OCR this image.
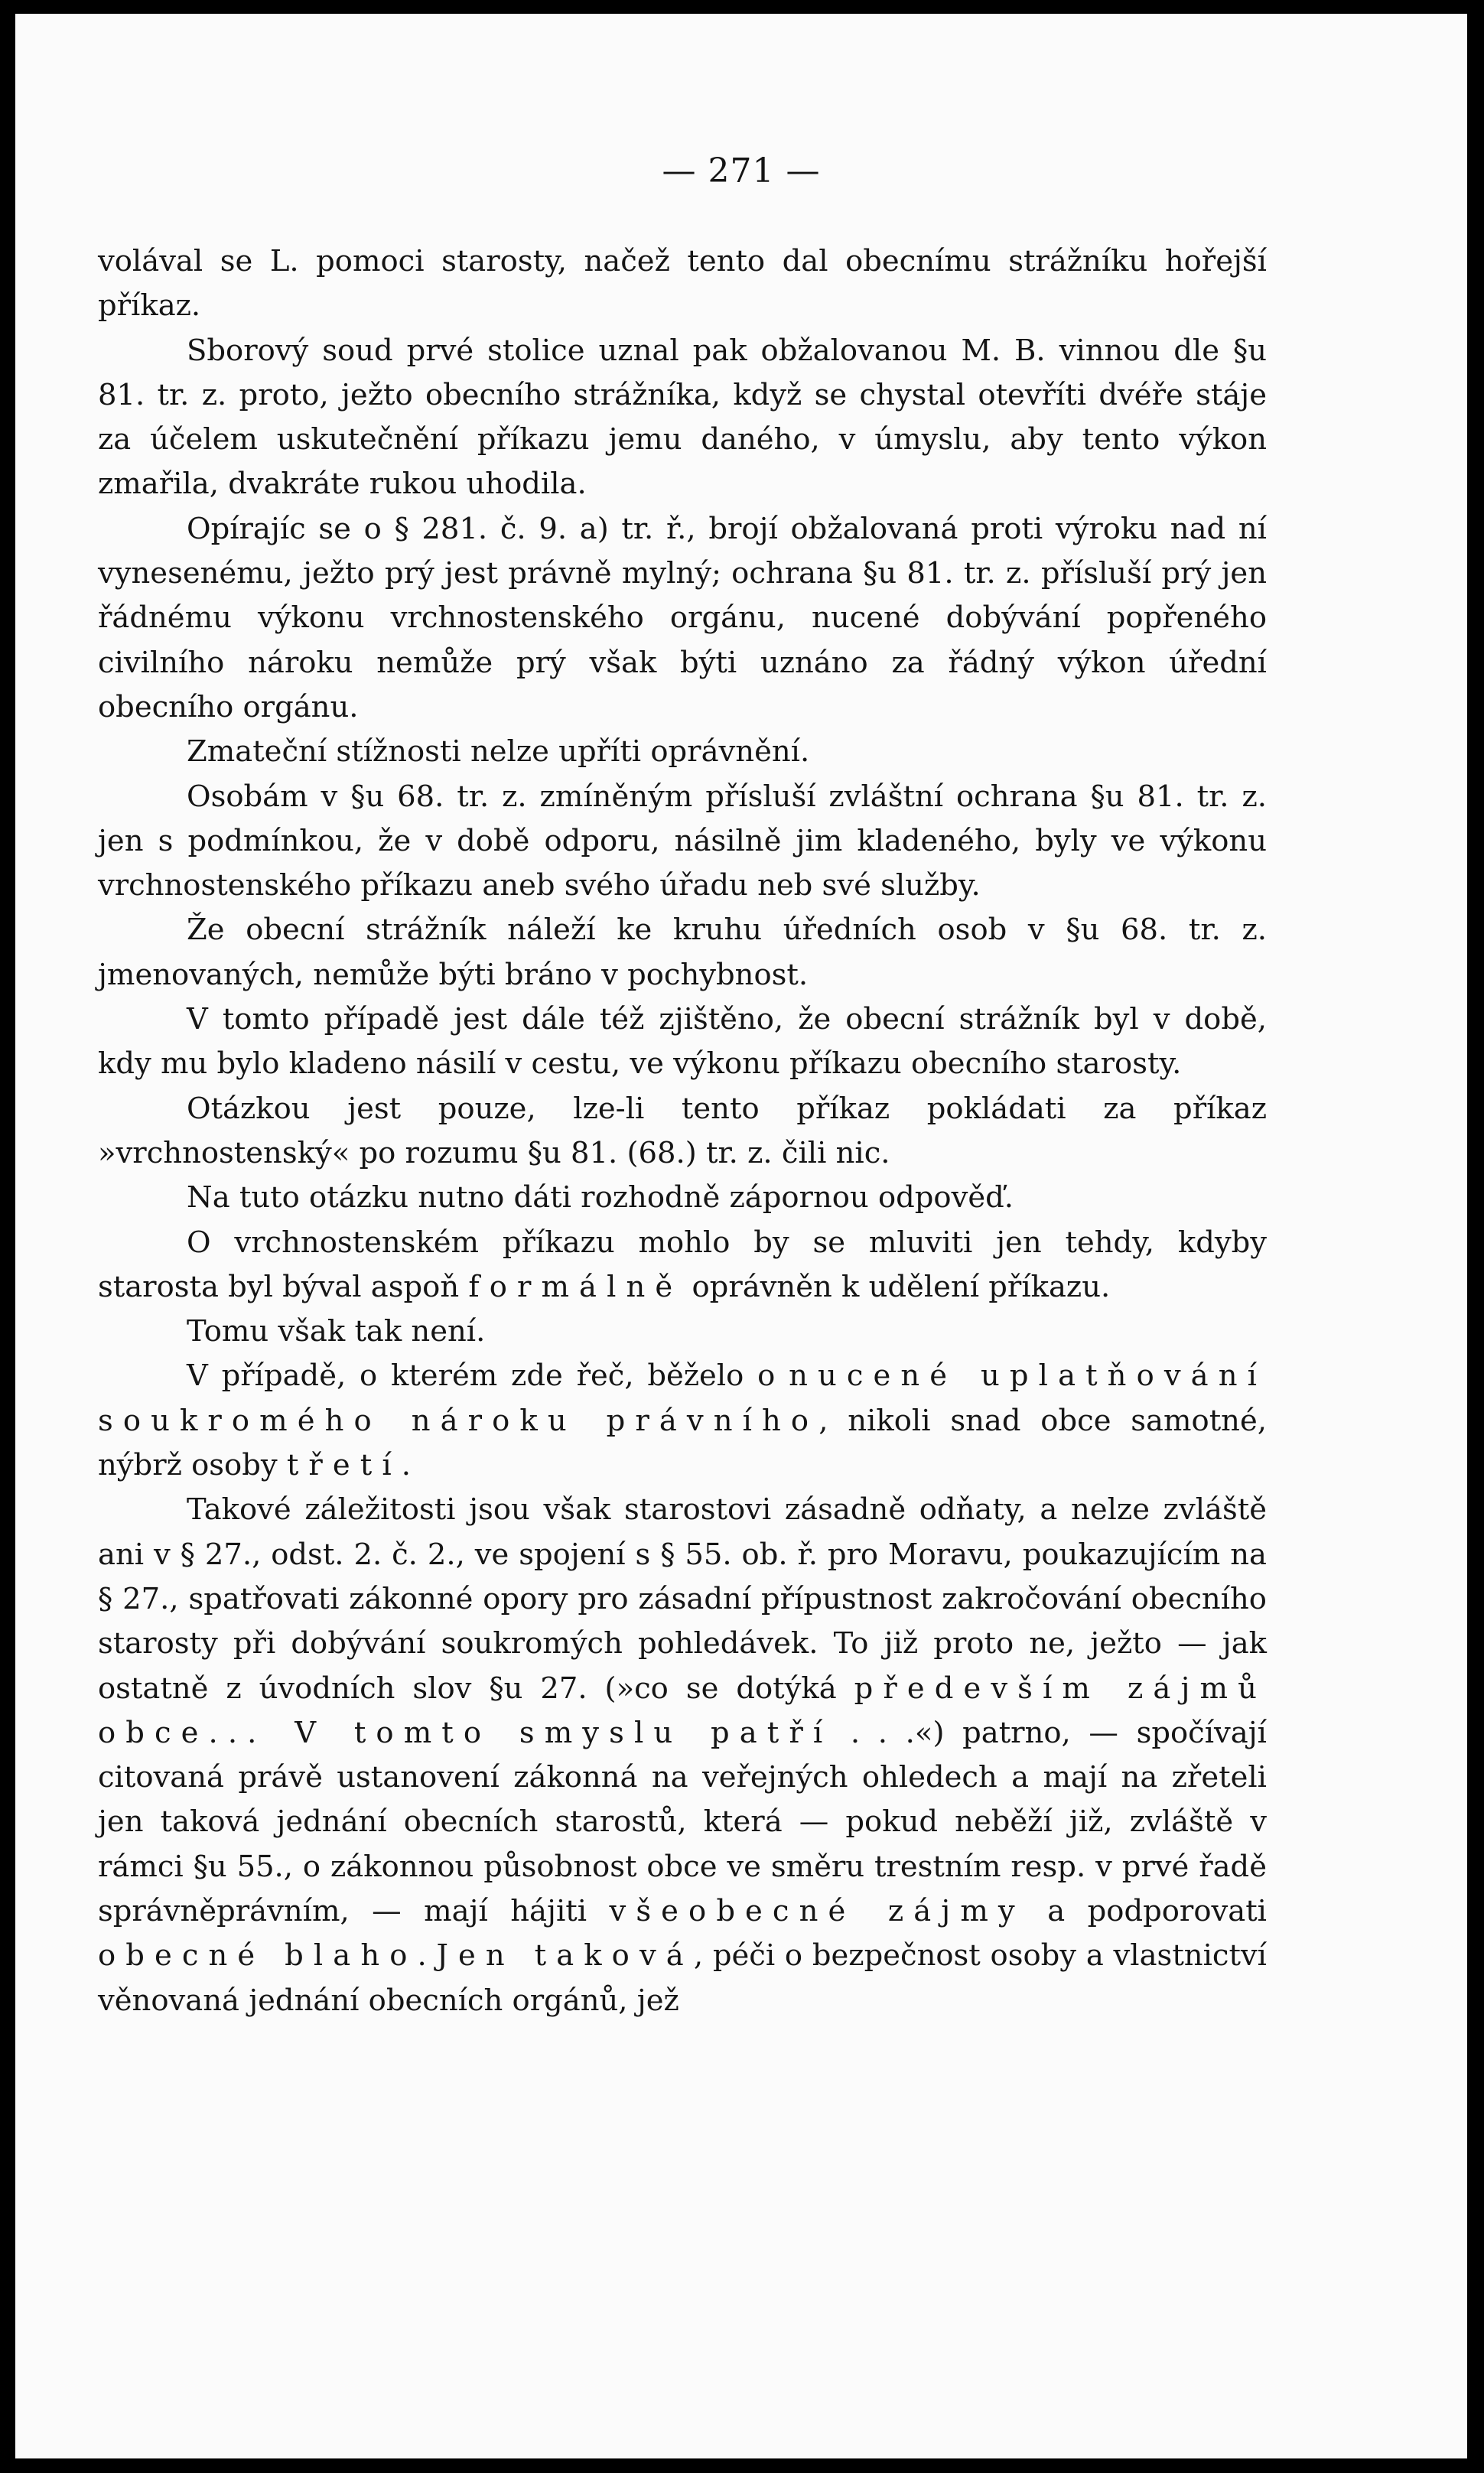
— 271 —

volával se L. pomoci starosty, načež tento dal obecnímu strážníku hořejší příkaz.

Sborový soud prvé stolice uznal pak obžalovanou M. B. vinnou dle §u 81. tr. z. proto, ježto obecního strážníka, když se chystal otevříti dvéře stáje za účelem uskutečnění příkazu jemu daného, v úmyslu, aby tento výkon zmařila, dvakráte rukou uhodila.

Opírajíc se o § 281. č. 9. a) tr. ř., brojí obžalovaná proti výroku nad ní vynesenému, ježto prý jest právně mylný; ochrana §u 81. tr. z. přísluší prý jen řádnému výkonu vrchnostenského orgánu, nucené dobývání popřeného civilního nároku nemůže prý však býti uznáno za řádný výkon úřední obecního orgánu.

Zmateční stížnosti nelze upříti oprávnění.

Osobám v §u 68. tr. z. zmíněným přísluší zvláštní ochrana §u 81. tr. z. jen s podmínkou, že v době odporu, násilně jim kladeného, byly ve výkonu vrchnostenského příkazu aneb svého úřadu neb své služby.

Že obecní strážník náleží ke kruhu úředních osob v §u 68. tr. z. jmenovaných, nemůže býti bráno v pochybnost.

V tomto případě jest dále též zjištěno, že obecní strážník byl v době, kdy mu bylo kladeno násilí v cestu, ve výkonu příkazu obecního starosty.

Otázkou jest pouze, lze-li tento příkaz pokládati za příkaz »vrchnostenský« po rozumu §u 81. (68.) tr. z. čili nic.

Na tuto otázku nutno dáti rozhodně zápornou odpověď.

O vrchnostenském příkazu mohlo by se mluviti jen tehdy, kdyby starosta byl býval aspoň formálně oprávněn k udělení příkazu.

Tomu však tak není.

V případě, o kterém zde řeč, běželo o nucené uplatňování soukromého nároku právního, nikoli snad obce samotné, nýbrž osoby třetí.

Takové záležitosti jsou však starostovi zásadně odňaty, a nelze zvláště ani v § 27., odst. 2. č. 2., ve spojení s § 55. ob. ř. pro Moravu, poukazujícím na § 27., spatřovati zákonné opory pro zásadní přípustnost zakročování obecního starosty při dobývání soukromých pohledávek. To již proto ne, ježto — jak ostatně z úvodních slov §u 27. (»co se dotýká především zájmů obce... V tomto smyslu patří . . .«) patrno, — spočívají citovaná právě ustanovení zákonná na veřejných ohledech a mají na zřeteli jen taková jednání obecních starostů, která — pokud neběží již, zvláště v rámci §u 55., o zákonnou působnost obce ve směru trestním resp. v prvé řadě správněprávním, — mají hájiti všeobecné zájmy a podporovati obecné blaho. Jen taková, péči o bezpečnost osoby a vlastnictví věnovaná jednání obecních orgánů, jež
